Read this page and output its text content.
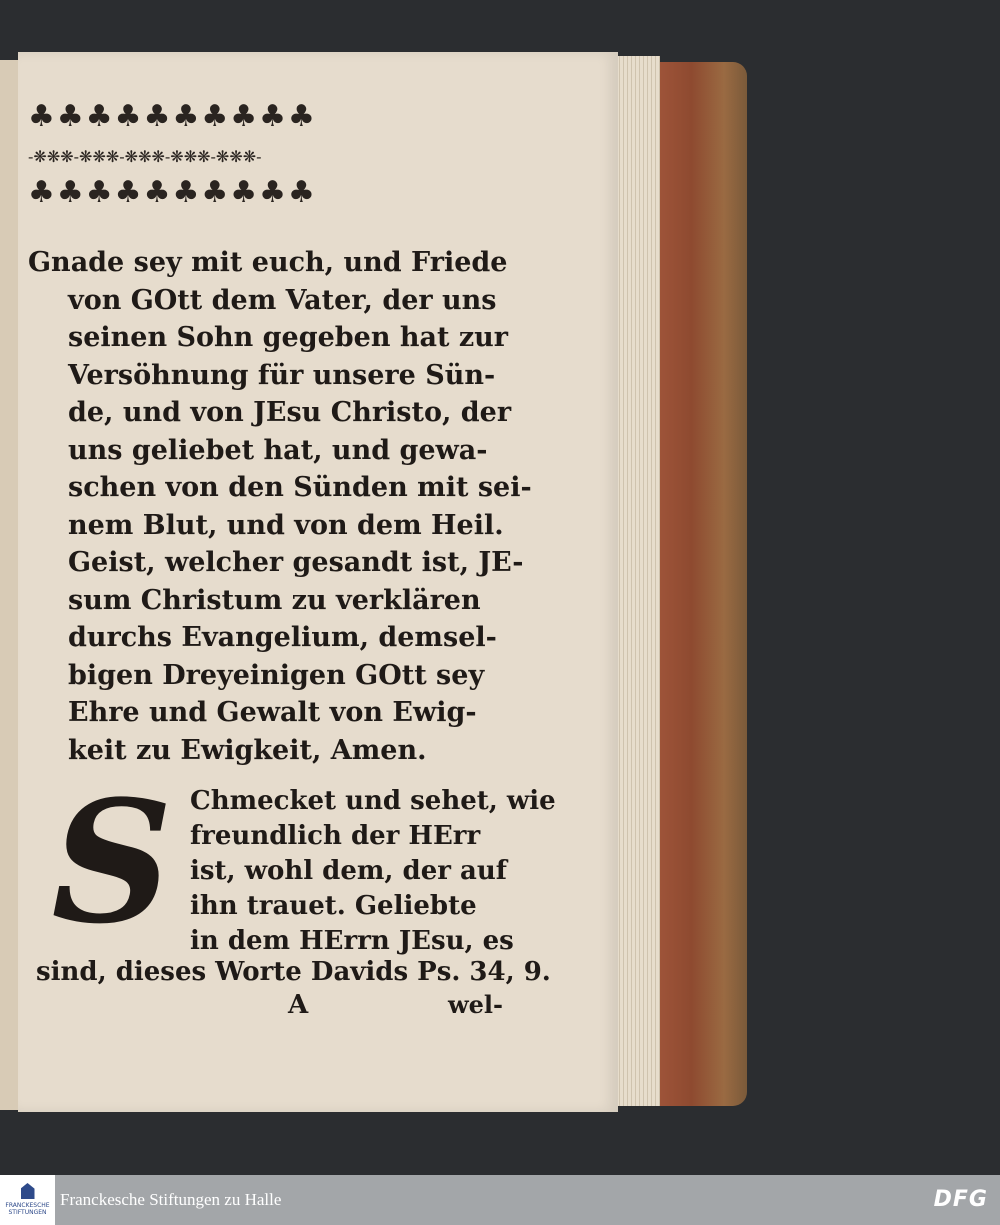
♣♣♣♣♣♣♣♣♣♣
-❋❋❋-❋❋❋-❋❋❋-❋❋❋-❋❋❋-
♣♣♣♣♣♣♣♣♣♣
Gnade sey mit euch, und Friede
von GOtt dem Vater, der uns
seinen Sohn gegeben hat zur
Versöhnung für unsere Sün-
de, und von JEsu Christo, der
uns geliebet hat, und gewa-
schen von den Sünden mit sei-
nem Blut, und von dem Heil.
Geist, welcher gesandt ist, JE-
sum Christum zu verklären
durchs Evangelium, demsel-
bigen Dreyeinigen GOtt sey
Ehre und Gewalt von Ewig-
keit zu Ewigkeit, Amen.
S Chmecket und sehet, wie
freundlich der HErr
ist, wohl dem, der auf
ihn trauet. Geliebte
in dem HErrn JEsu, es
sind, dieses Worte Davids Ps. 34, 9.
A	wel-
FRANCKESCHE STIFTUNGEN
Franckesche Stiftungen zu Halle	DFG
